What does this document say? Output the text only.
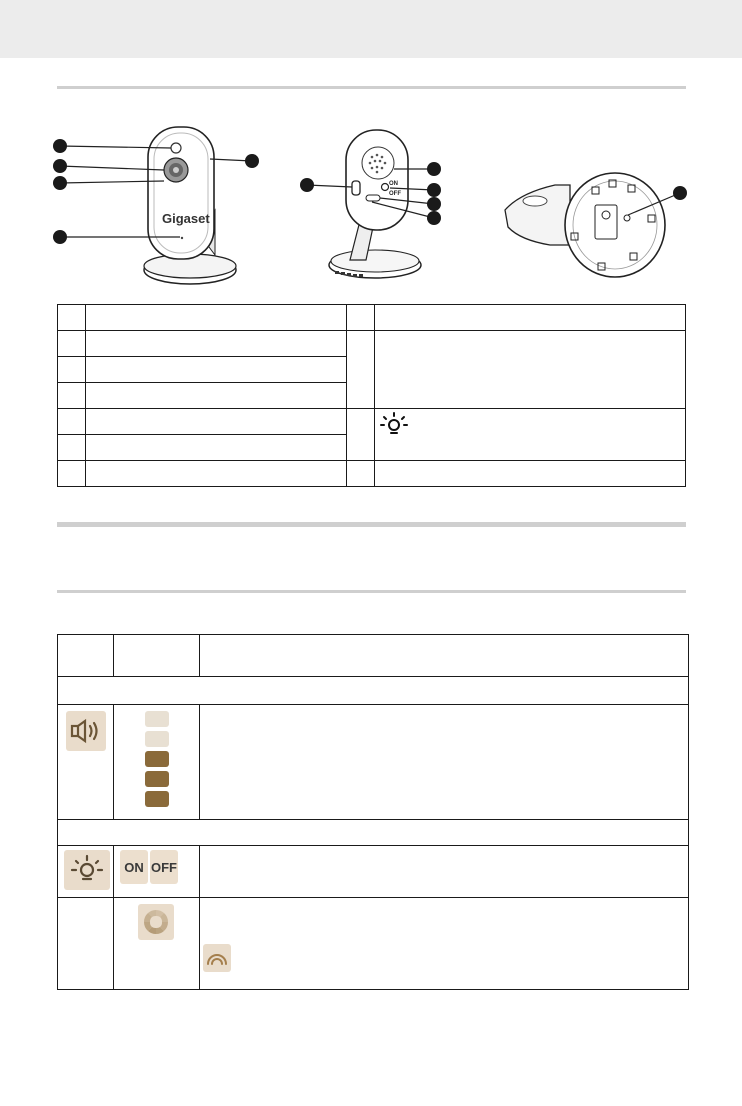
Gigaset
ON
OFF

ON OFF	
